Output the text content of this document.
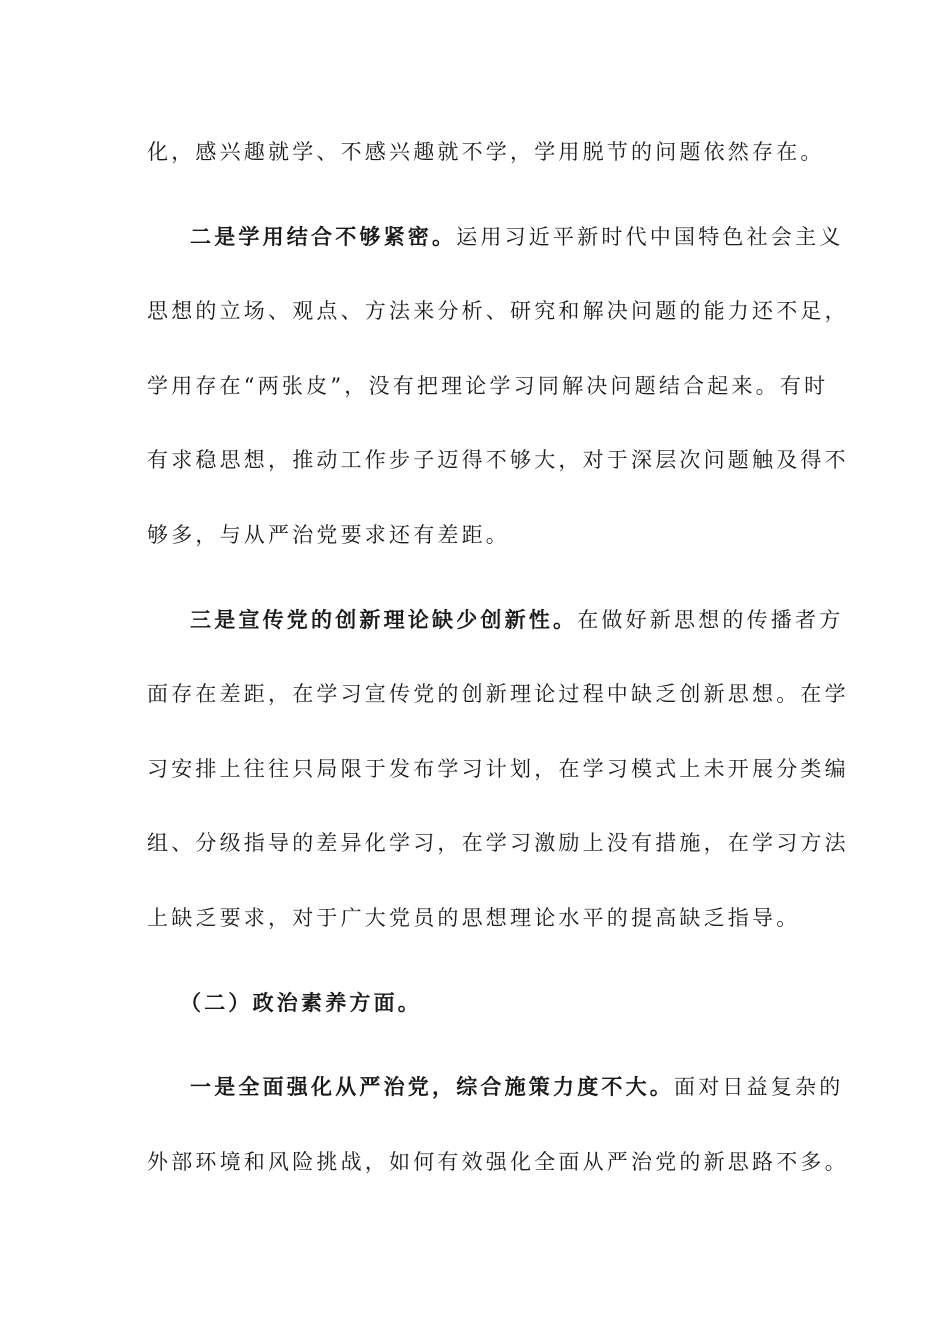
化，感兴趣就学、不感兴趣就不学，学用脱节的问题依然存在。
二是学用结合不够紧密。运用习近平新时代中国特色社会主义
思想的立场、观点、方法来分析、研究和解决问题的能力还不足，
学用存在“两张皮”，没有把理论学习同解决问题结合起来。有时
有求稳思想，推动工作步子迈得不够大，对于深层次问题触及得不
够多，与从严治党要求还有差距。
三是宣传党的创新理论缺少创新性。在做好新思想的传播者方
面存在差距，在学习宣传党的创新理论过程中缺乏创新思想。在学
习安排上往往只局限于发布学习计划，在学习模式上未开展分类编
组、分级指导的差异化学习，在学习激励上没有措施，在学习方法
上缺乏要求，对于广大党员的思想理论水平的提高缺乏指导。
（二）政治素养方面。
一是全面强化从严治党，综合施策力度不大。面对日益复杂的
外部环境和风险挑战，如何有效强化全面从严治党的新思路不多。
